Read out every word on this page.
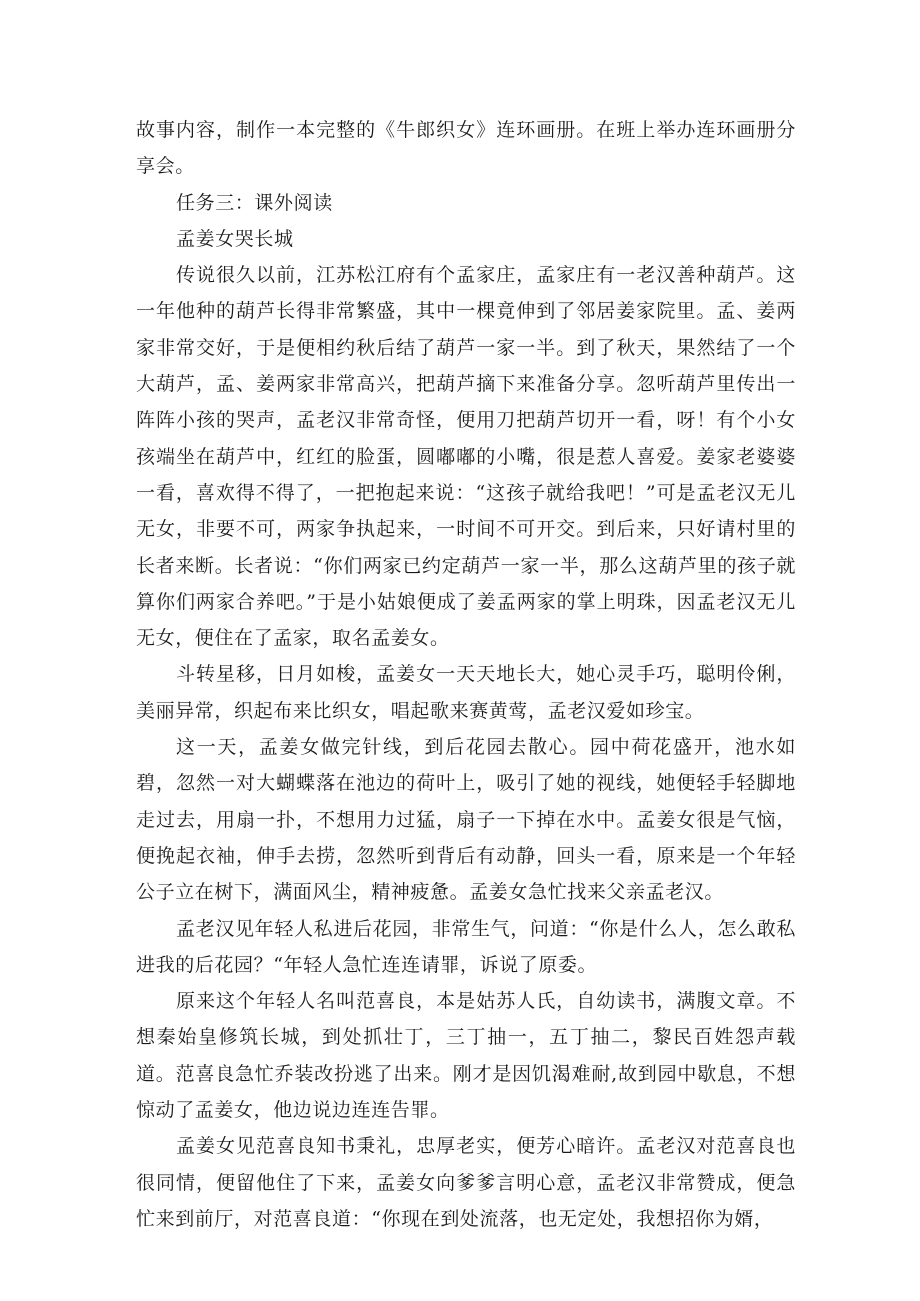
故事内容，制作一本完整的《牛郎织女》连环画册。在班上举办连环画册分享会。

任务三：课外阅读

孟姜女哭长城

传说很久以前，江苏松江府有个孟家庄，孟家庄有一老汉善种葫芦。这一年他种的葫芦长得非常繁盛，其中一棵竟伸到了邻居姜家院里。孟、姜两家非常交好，于是便相约秋后结了葫芦一家一半。到了秋天，果然结了一个大葫芦，孟、姜两家非常高兴，把葫芦摘下来准备分享。忽听葫芦里传出一阵阵小孩的哭声，孟老汉非常奇怪，便用刀把葫芦切开一看，呀！有个小女孩端坐在葫芦中，红红的脸蛋，圆嘟嘟的小嘴，很是惹人喜爱。姜家老婆婆一看，喜欢得不得了，一把抱起来说：“这孩子就给我吧！”可是孟老汉无儿无女，非要不可，两家争执起来，一时间不可开交。到后来，只好请村里的长者来断。长者说：“你们两家已约定葫芦一家一半，那么这葫芦里的孩子就算你们两家合养吧。”于是小姑娘便成了姜孟两家的掌上明珠，因孟老汉无儿无女，便住在了孟家，取名孟姜女。

斗转星移，日月如梭，孟姜女一天天地长大，她心灵手巧，聪明伶俐，美丽异常，织起布来比织女，唱起歌来赛黄莺，孟老汉爱如珍宝。

这一天，孟姜女做完针线，到后花园去散心。园中荷花盛开，池水如碧，忽然一对大蝴蝶落在池边的荷叶上，吸引了她的视线，她便轻手轻脚地走过去，用扇一扑，不想用力过猛，扇子一下掉在水中。孟姜女很是气恼，便挽起衣袖，伸手去捞，忽然听到背后有动静，回头一看，原来是一个年轻公子立在树下，满面风尘，精神疲惫。孟姜女急忙找来父亲孟老汉。

孟老汉见年轻人私进后花园，非常生气，问道：“你是什么人，怎么敢私进我的后花园？“年轻人急忙连连请罪，诉说了原委。

原来这个年轻人名叫范喜良，本是姑苏人氏，自幼读书，满腹文章。不想秦始皇修筑长城，到处抓壮丁，三丁抽一，五丁抽二，黎民百姓怨声载道。范喜良急忙乔装改扮逃了出来。刚才是因饥渴难耐,故到园中歇息，不想惊动了孟姜女，他边说边连连告罪。

孟姜女见范喜良知书秉礼，忠厚老实，便芳心暗许。孟老汉对范喜良也很同情，便留他住了下来，孟姜女向爹爹言明心意，孟老汉非常赞成，便急忙来到前厅，对范喜良道：“你现在到处流落，也无定处，我想招你为婿，
